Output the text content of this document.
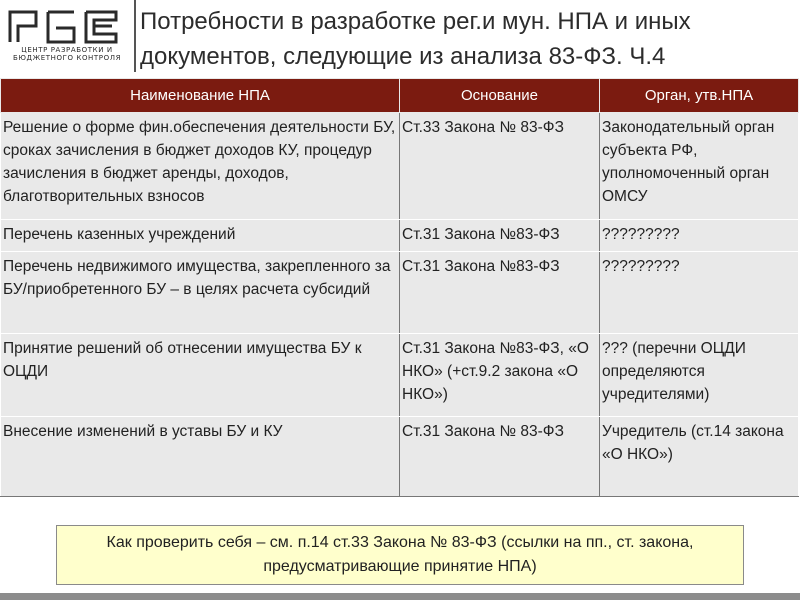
ЦЕНТР РАЗРАБОТКИ И БЮДЖЕТНОГО КОНТРОЛЯ
Потребности в разработке рег.и мун. НПА и иных документов, следующие из анализа 83-ФЗ. Ч.4
Наименование НПА	Основание	Орган, утв.НПА
Решение о форме фин.обеспечения деятельности БУ, сроках зачисления в бюджет доходов КУ, процедур зачисления в бюджет аренды, доходов, благотворительных взносов	Ст.33 Закона № 83-ФЗ	Законодательный орган субъекта РФ, уполномоченный орган ОМСУ
Перечень казенных учреждений	Ст.31 Закона №83-ФЗ	?????????
Перечень недвижимого имущества, закрепленного за БУ/приобретенного БУ – в целях расчета субсидий	Ст.31 Закона №83-ФЗ	?????????
Принятие решений об отнесении имущества БУ к ОЦДИ	Ст.31 Закона №83-ФЗ, «О НКО» (+ст.9.2 закона «О НКО»)	??? (перечни ОЦДИ определяются учредителями)
Внесение изменений в уставы БУ и КУ	Ст.31 Закона № 83-ФЗ	Учредитель (ст.14 закона «О НКО»)
Как проверить себя – см. п.14 ст.33 Закона № 83-ФЗ (ссылки на пп., ст. закона, предусматривающие принятие НПА)
